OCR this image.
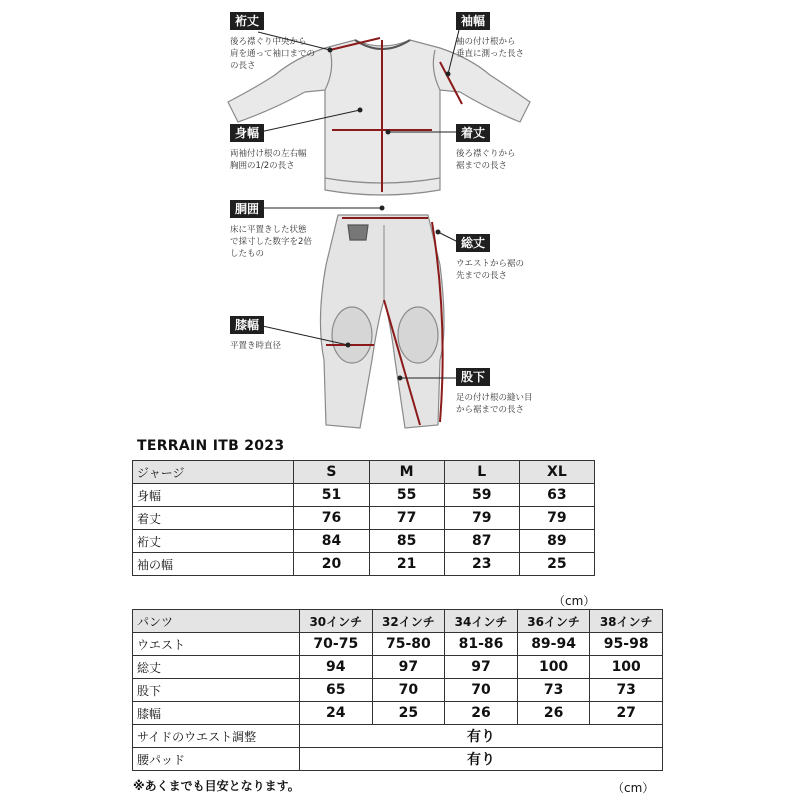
裄丈
後ろ襟ぐり中央から
肩を通って袖口までの
の長さ
袖幅
袖の付け根から
垂直に測った長さ
身幅
両袖付け根の左右幅
胸囲の1/2の長さ
着丈
後ろ襟ぐりから
裾までの長さ
胴囲
床に平置きした状態
で採寸した数字を2倍
したもの
総丈
ウエストから裾の
先までの長さ
膝幅
平置き時直径
股下
足の付け根の縫い目
から裾までの長さ
TERRAIN ITB 2023
ジャージ	S	M	L	XL
身幅	51	55	59	63
着丈	76	77	79	79
裄丈	84	85	87	89
袖の幅	20	21	23	25
（cm）
パンツ	30インチ	32インチ	34インチ	36インチ	38インチ
ウエスト	70-75	75-80	81-86	89-94	95-98
総丈	94	97	97	100	100
股下	65	70	70	73	73
膝幅	24	25	26	26	27
サイドのウエスト調整	有り				
腰パッド	有り				
※あくまでも目安となります。	（cm）
